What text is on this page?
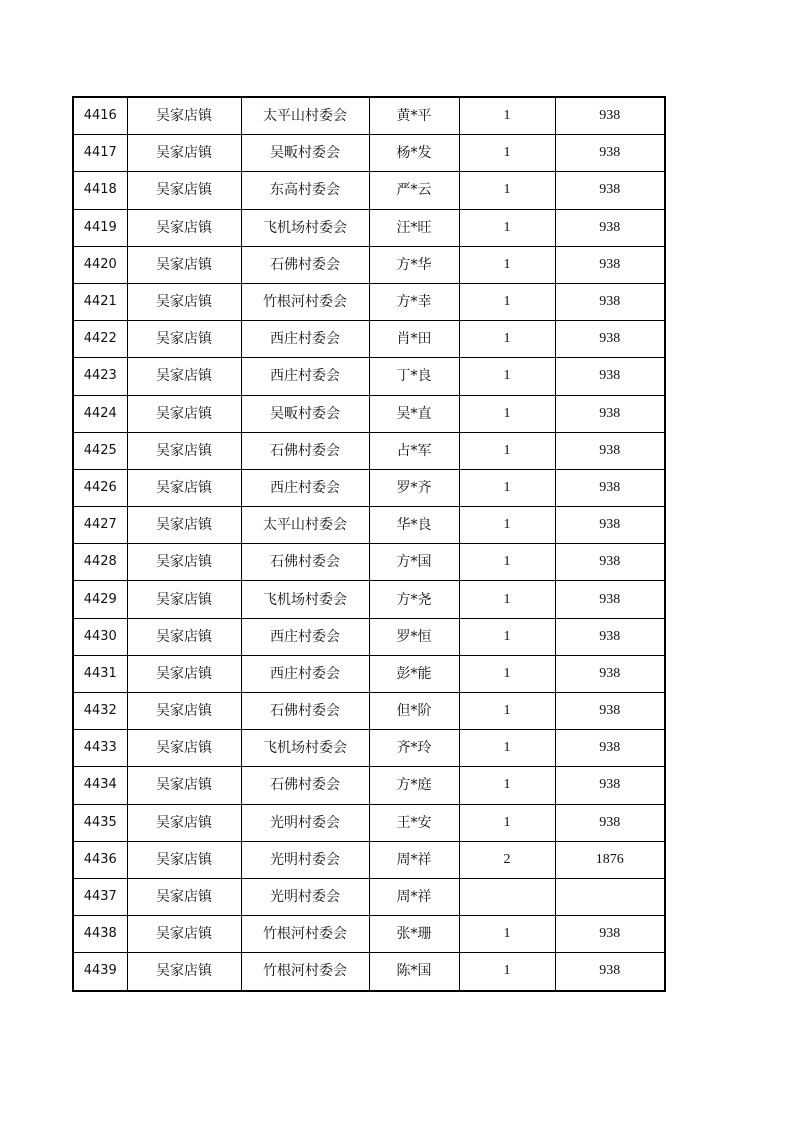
4416	吴家店镇	太平山村委会	黄*平	1	938
4417	吴家店镇	吴畈村委会	杨*发	1	938
4418	吴家店镇	东高村委会	严*云	1	938
4419	吴家店镇	飞机场村委会	汪*旺	1	938
4420	吴家店镇	石佛村委会	方*华	1	938
4421	吴家店镇	竹根河村委会	方*幸	1	938
4422	吴家店镇	西庄村委会	肖*田	1	938
4423	吴家店镇	西庄村委会	丁*良	1	938
4424	吴家店镇	吴畈村委会	吴*直	1	938
4425	吴家店镇	石佛村委会	占*军	1	938
4426	吴家店镇	西庄村委会	罗*齐	1	938
4427	吴家店镇	太平山村委会	华*良	1	938
4428	吴家店镇	石佛村委会	方*国	1	938
4429	吴家店镇	飞机场村委会	方*尧	1	938
4430	吴家店镇	西庄村委会	罗*恒	1	938
4431	吴家店镇	西庄村委会	彭*能	1	938
4432	吴家店镇	石佛村委会	但*阶	1	938
4433	吴家店镇	飞机场村委会	齐*玲	1	938
4434	吴家店镇	石佛村委会	方*庭	1	938
4435	吴家店镇	光明村委会	王*安	1	938
4436	吴家店镇	光明村委会	周*祥	2	1876
4437	吴家店镇	光明村委会	周*祥		
4438	吴家店镇	竹根河村委会	张*珊	1	938
4439	吴家店镇	竹根河村委会	陈*国	1	938
